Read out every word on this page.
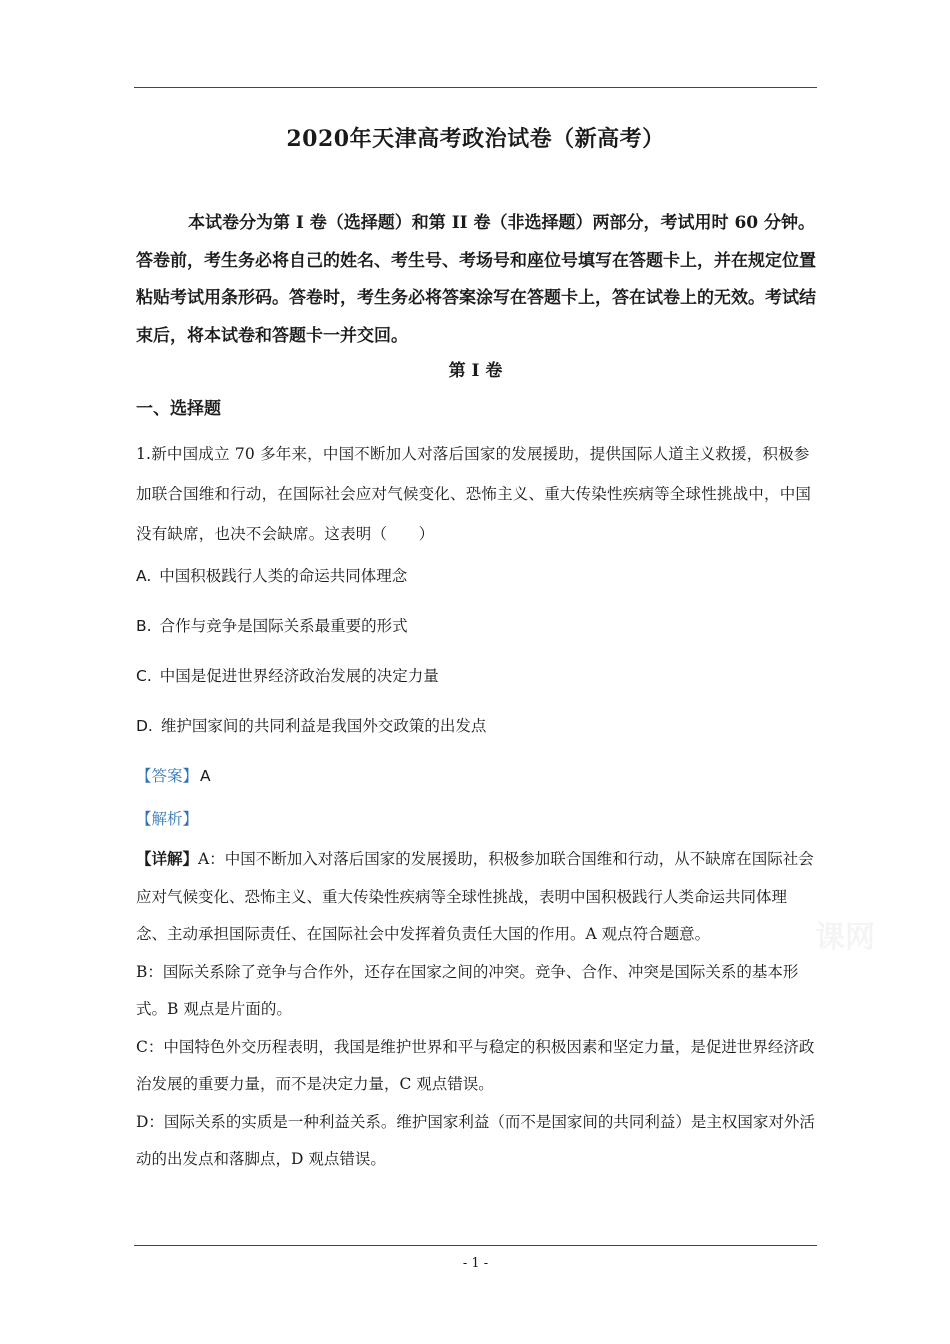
2020年天津高考政治试卷（新高考）
本试卷分为第 I 卷（选择题）和第 II 卷（非选择题）两部分，考试用时 60 分钟。答卷前，考生务必将自己的姓名、考生号、考场号和座位号填写在答题卡上，并在规定位置粘贴考试用条形码。答卷时，考生务必将答案涂写在答题卡上，答在试卷上的无效。考试结束后，将本试卷和答题卡一并交回。
第 I 卷
一、选择题
1.新中国成立 70 多年来，中国不断加人对落后国家的发展援助，提供国际人道主义救援，积极参加联合国维和行动，在国际社会应对气候变化、恐怖主义、重大传染性疾病等全球性挑战中，中国没有缺席，也决不会缺席。这表明（　　）
A. 中国积极践行人类的命运共同体理念
B. 合作与竞争是国际关系最重要的形式
C. 中国是促进世界经济政治发展的决定力量
D. 维护国家间的共同利益是我国外交政策的出发点
【答案】 A
【解析】

【详解】A：中国不断加入对落后国家的发展援助，积极参加联合国维和行动，从不缺席在国际社会应对气候变化、恐怖主义、重大传染性疾病等全球性挑战，表明中国积极践行人类命运共同体理念、主动承担国际责任、在国际社会中发挥着负责任大国的作用。A 观点符合题意。

B：国际关系除了竞争与合作外，还存在国家之间的冲突。竞争、合作、冲突是国际关系的基本形式。B 观点是片面的。

C：中国特色外交历程表明，我国是维护世界和平与稳定的积极因素和坚定力量，是促进世界经济政治发展的重要力量，而不是决定力量，C 观点错误。

D：国际关系的实质是一种利益关系。维护国家利益（而不是国家间的共同利益）是主权国家对外活动的出发点和落脚点，D 观点错误。

课网
- 1 -
